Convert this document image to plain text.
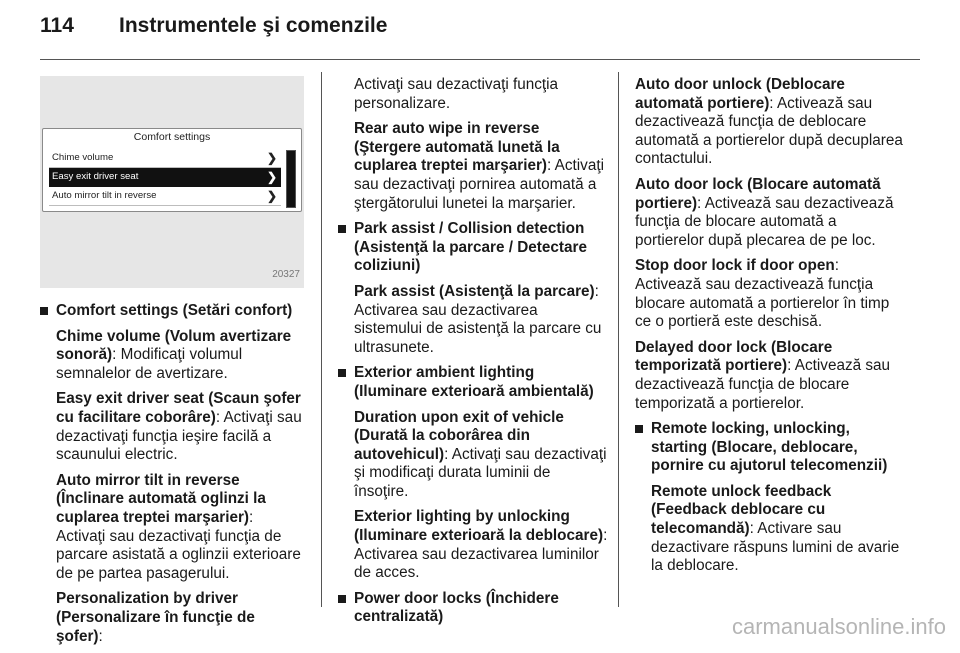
114	Instrumentele şi comenzile
Comfort settings
Chime volume	❯
Easy exit driver seat	❯
Auto mirror tilt in reverse	❯
20327
Comfort settings (Setări confort)
Chime volume (Volum avertizare sonoră): Modificaţi volumul semnalelor de avertizare.
Easy exit driver seat (Scaun şofer cu facilitare coborâre): Activaţi sau dezactivaţi funcţia ieşire facilă a scaunului electric.
Auto mirror tilt in reverse (Înclinare automată oglinzi la cuplarea treptei marşarier): Activaţi sau dezactivaţi funcţia de parcare asistată a oglinzii exterioare de pe partea pasagerului.
Personalization by driver (Personalizare în funcţie de şofer):
Activaţi sau dezactivaţi funcţia personalizare.
Rear auto wipe in reverse (Ştergere automată lunetă la cuplarea treptei marşarier): Activaţi sau dezactivaţi pornirea automată a ştergătorului lunetei la marşarier.
Park assist / Collision detection (Asistenţă la parcare / Detectare coliziuni)
Park assist (Asistenţă la parcare): Activarea sau dezactivarea sistemului de asistenţă la parcare cu ultrasunete.
Exterior ambient lighting (Iluminare exterioară ambientală)
Duration upon exit of vehicle (Durată la coborârea din autovehicul): Activaţi sau dezactivaţi şi modificaţi durata luminii de însoţire.
Exterior lighting by unlocking (Iluminare exterioară la deblocare): Activarea sau dezactivarea luminilor de acces.
Power door locks (Închidere centralizată)
Auto door unlock (Deblocare automată portiere): Activează sau dezactivează funcţia de deblocare automată a portierelor după decuplarea contactului.
Auto door lock (Blocare automată portiere): Activează sau dezactivează funcţia de blocare automată a portierelor după plecarea de pe loc.
Stop door lock if door open: Activează sau dezactivează funcţia blocare automată a portierelor în timp ce o portieră este deschisă.
Delayed door lock (Blocare temporizată portiere): Activează sau dezactivează funcţia de blocare temporizată a portierelor.
Remote locking, unlocking, starting (Blocare, deblocare, pornire cu ajutorul telecomenzii)
Remote unlock feedback (Feedback deblocare cu telecomandă): Activare sau dezactivare răspuns lumini de avarie la deblocare.
carmanualsonline.info
